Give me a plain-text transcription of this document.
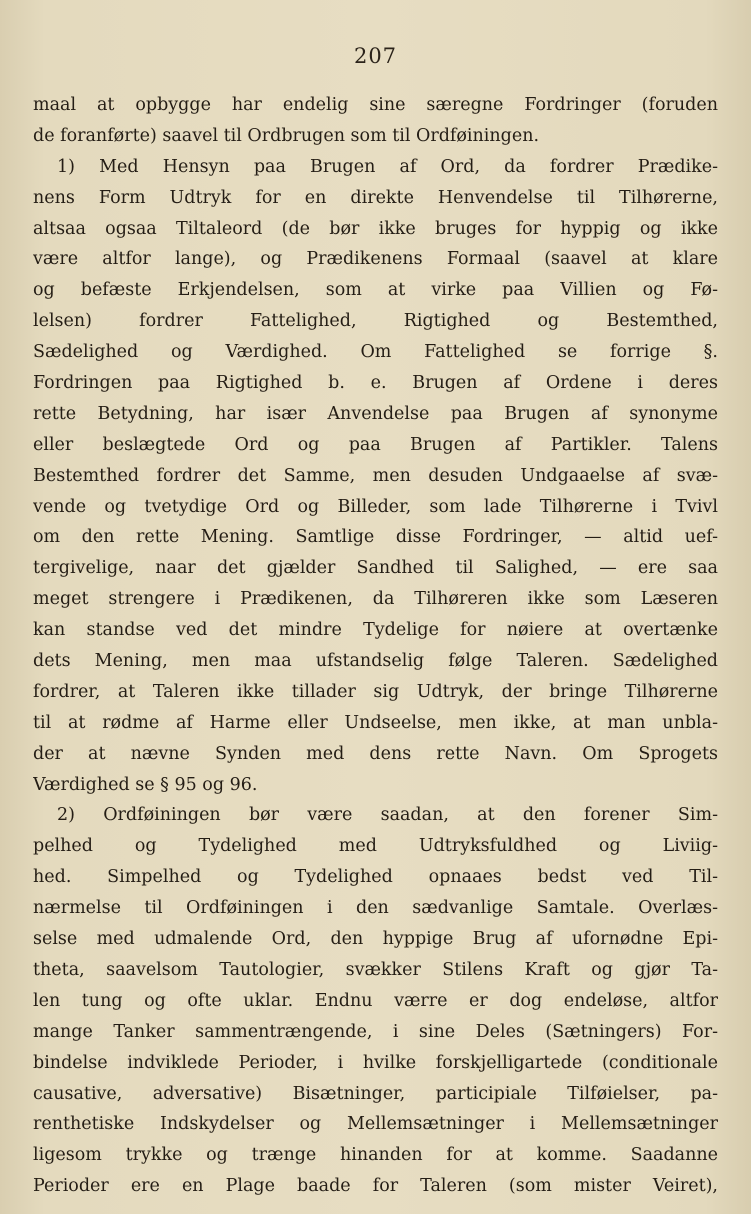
207
maal at opbygge har endelig sine særegne Fordringer (foruden
de foranførte) saavel til Ordbrugen som til Ordføiningen.
1) Med Hensyn paa Brugen af Ord, da fordrer Prædike-
nens Form Udtryk for en direkte Henvendelse til Tilhørerne,
altsaa ogsaa Tiltaleord (de bør ikke bruges for hyppig og ikke
være altfor lange), og Prædikenens Formaal (saavel at klare
og befæste Erkjendelsen, som at virke paa Villien og Fø-
lelsen) fordrer Fattelighed, Rigtighed og Bestemthed,
Sædelighed og Værdighed. Om Fattelighed se forrige §.
Fordringen paa Rigtighed b. e. Brugen af Ordene i deres
rette Betydning, har især Anvendelse paa Brugen af synonyme
eller beslægtede Ord og paa Brugen af Partikler. Talens
Bestemthed fordrer det Samme, men desuden Undgaaelse af svæ-
vende og tvetydige Ord og Billeder, som lade Tilhørerne i Tvivl
om den rette Mening. Samtlige disse Fordringer, — altid uef-
tergivelige, naar det gjælder Sandhed til Salighed, — ere saa
meget strengere i Prædikenen, da Tilhøreren ikke som Læseren
kan standse ved det mindre Tydelige for nøiere at overtænke
dets Mening, men maa ufstandselig følge Taleren. Sædelighed
fordrer, at Taleren ikke tillader sig Udtryk, der bringe Tilhørerne
til at rødme af Harme eller Undseelse, men ikke, at man unbla-
der at nævne Synden med dens rette Navn. Om Sprogets
Værdighed se § 95 og 96.
2) Ordføiningen bør være saadan, at den forener Sim-
pelhed og Tydelighed med Udtryksfuldhed og Liviig-
hed. Simpelhed og Tydelighed opnaaes bedst ved Til-
nærmelse til Ordføiningen i den sædvanlige Samtale. Overlæs-
selse med udmalende Ord, den hyppige Brug af ufornødne Epi-
theta, saavelsom Tautologier, svækker Stilens Kraft og gjør Ta-
len tung og ofte uklar. Endnu værre er dog endeløse, altfor
mange Tanker sammentrængende, i sine Deles (Sætningers) For-
bindelse indviklede Perioder, i hvilke forskjelligartede (conditionale
causative, adversative) Bisætninger, participiale Tilføielser, pa-
renthetiske Indskydelser og Mellemsætninger i Mellemsætninger
ligesom trykke og trænge hinanden for at komme. Saadanne
Perioder ere en Plage baade for Taleren (som mister Veiret),
